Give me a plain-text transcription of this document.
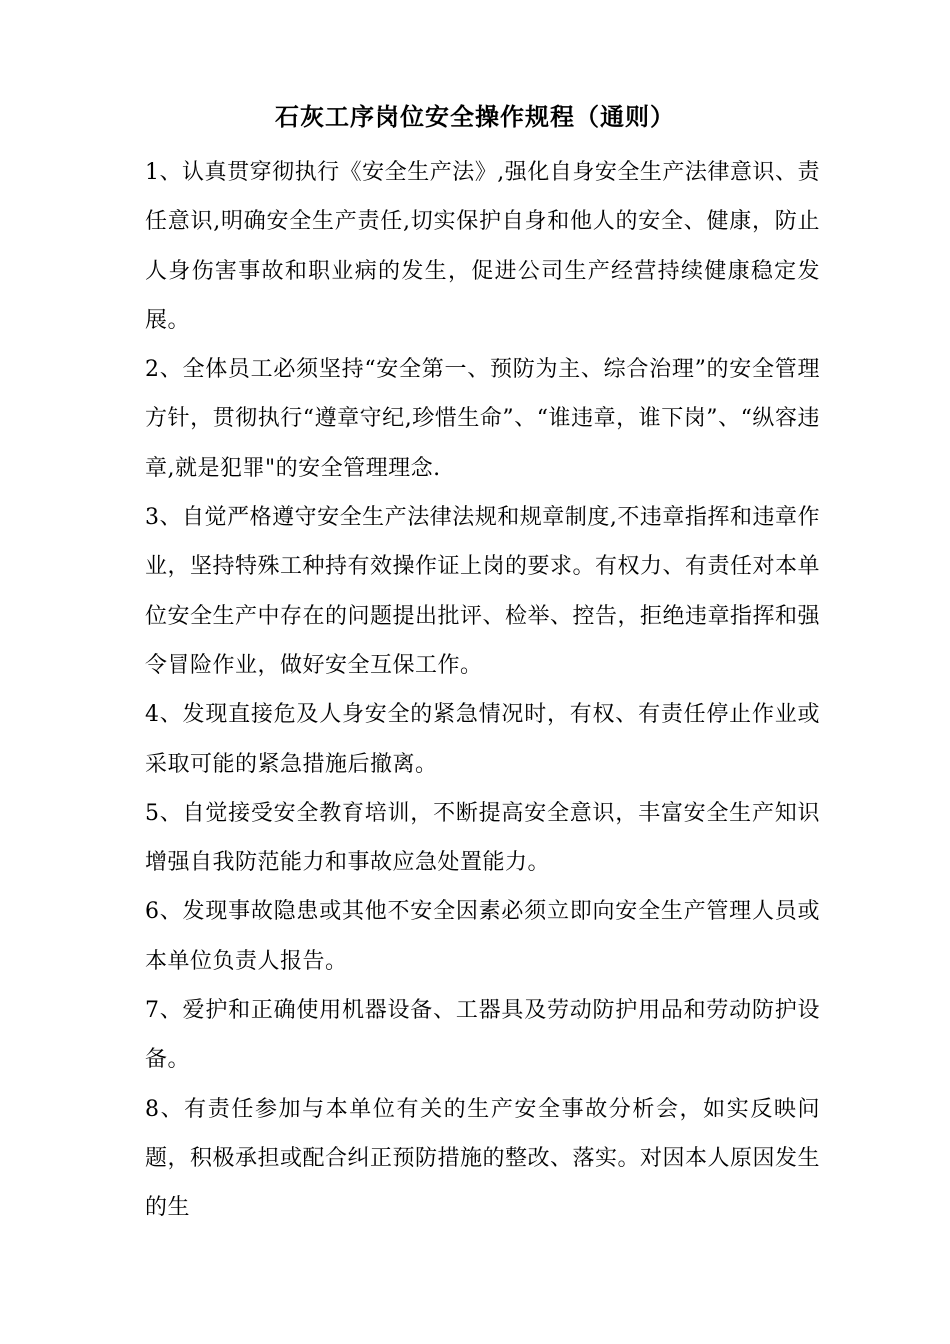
石灰工序岗位安全操作规程（通则）

1、认真贯穿彻执行《安全生产法》,强化自身安全生产法律意识、责任意识,明确安全生产责任,切实保护自身和他人的安全、健康，防止人身伤害事故和职业病的发生，促进公司生产经营持续健康稳定发展。

2、全体员工必须坚持“安全第一、预防为主、综合治理”的安全管理方针，贯彻执行“遵章守纪,珍惜生命”、“谁违章，谁下岗”、“纵容违章,就是犯罪"的安全管理理念.

3、自觉严格遵守安全生产法律法规和规章制度,不违章指挥和违章作业，坚持特殊工种持有效操作证上岗的要求。有权力、有责任对本单位安全生产中存在的问题提出批评、检举、控告，拒绝违章指挥和强令冒险作业，做好安全互保工作。

4、发现直接危及人身安全的紧急情况时，有权、有责任停止作业或采取可能的紧急措施后撤离。

5、自觉接受安全教育培训，不断提高安全意识，丰富安全生产知识增强自我防范能力和事故应急处置能力。

6、发现事故隐患或其他不安全因素必须立即向安全生产管理人员或本单位负责人报告。

7、爱护和正确使用机器设备、工器具及劳动防护用品和劳动防护设备。

8、有责任参加与本单位有关的生产安全事故分析会，如实反映问题，积极承担或配合纠正预防措施的整改、落实。对因本人原因发生的生
